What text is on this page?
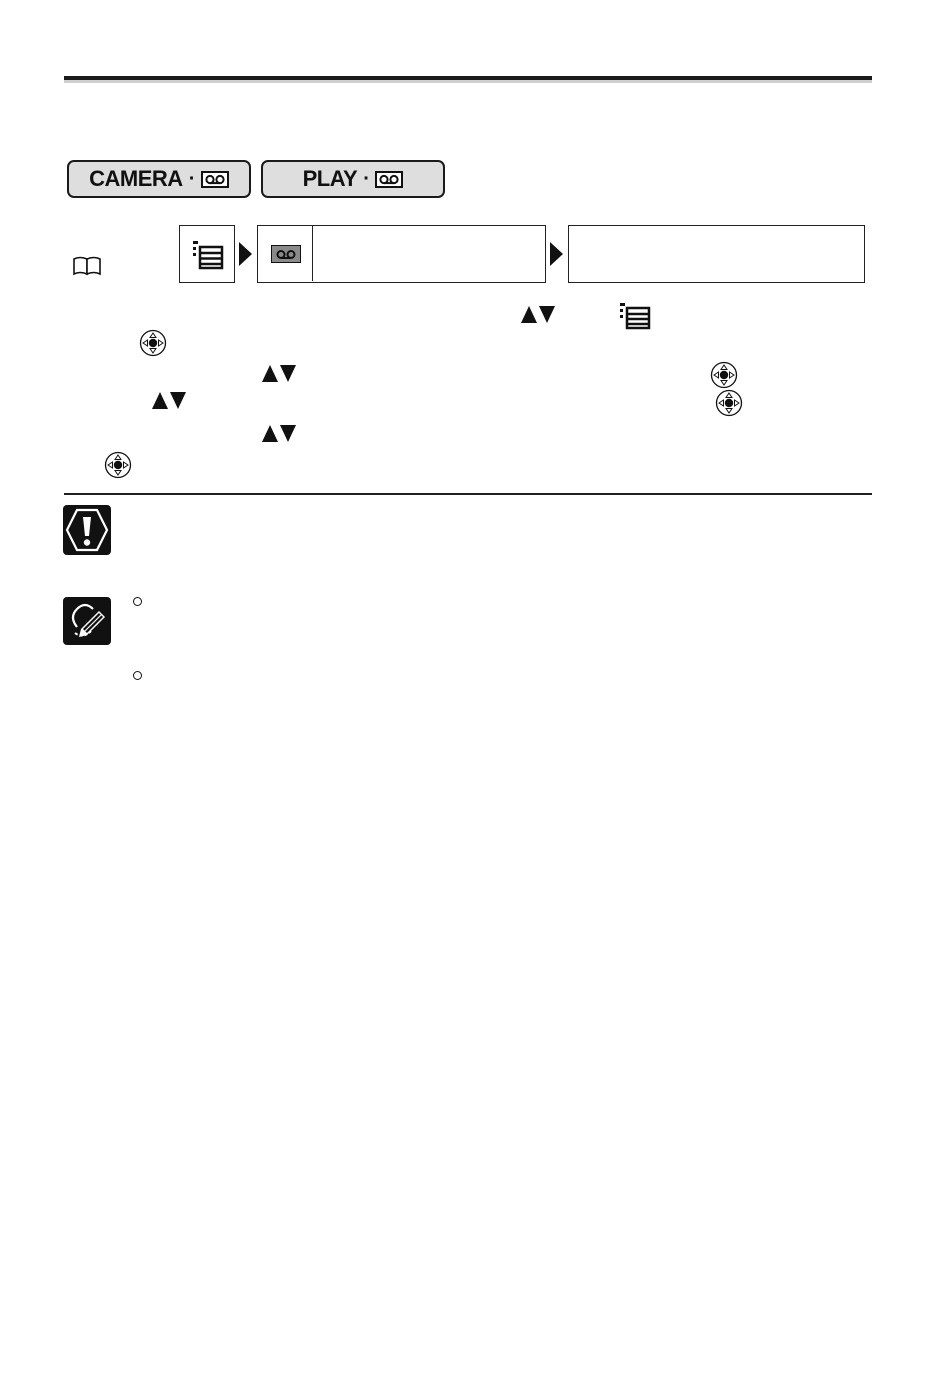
CAMERA ·	PLAY ·
